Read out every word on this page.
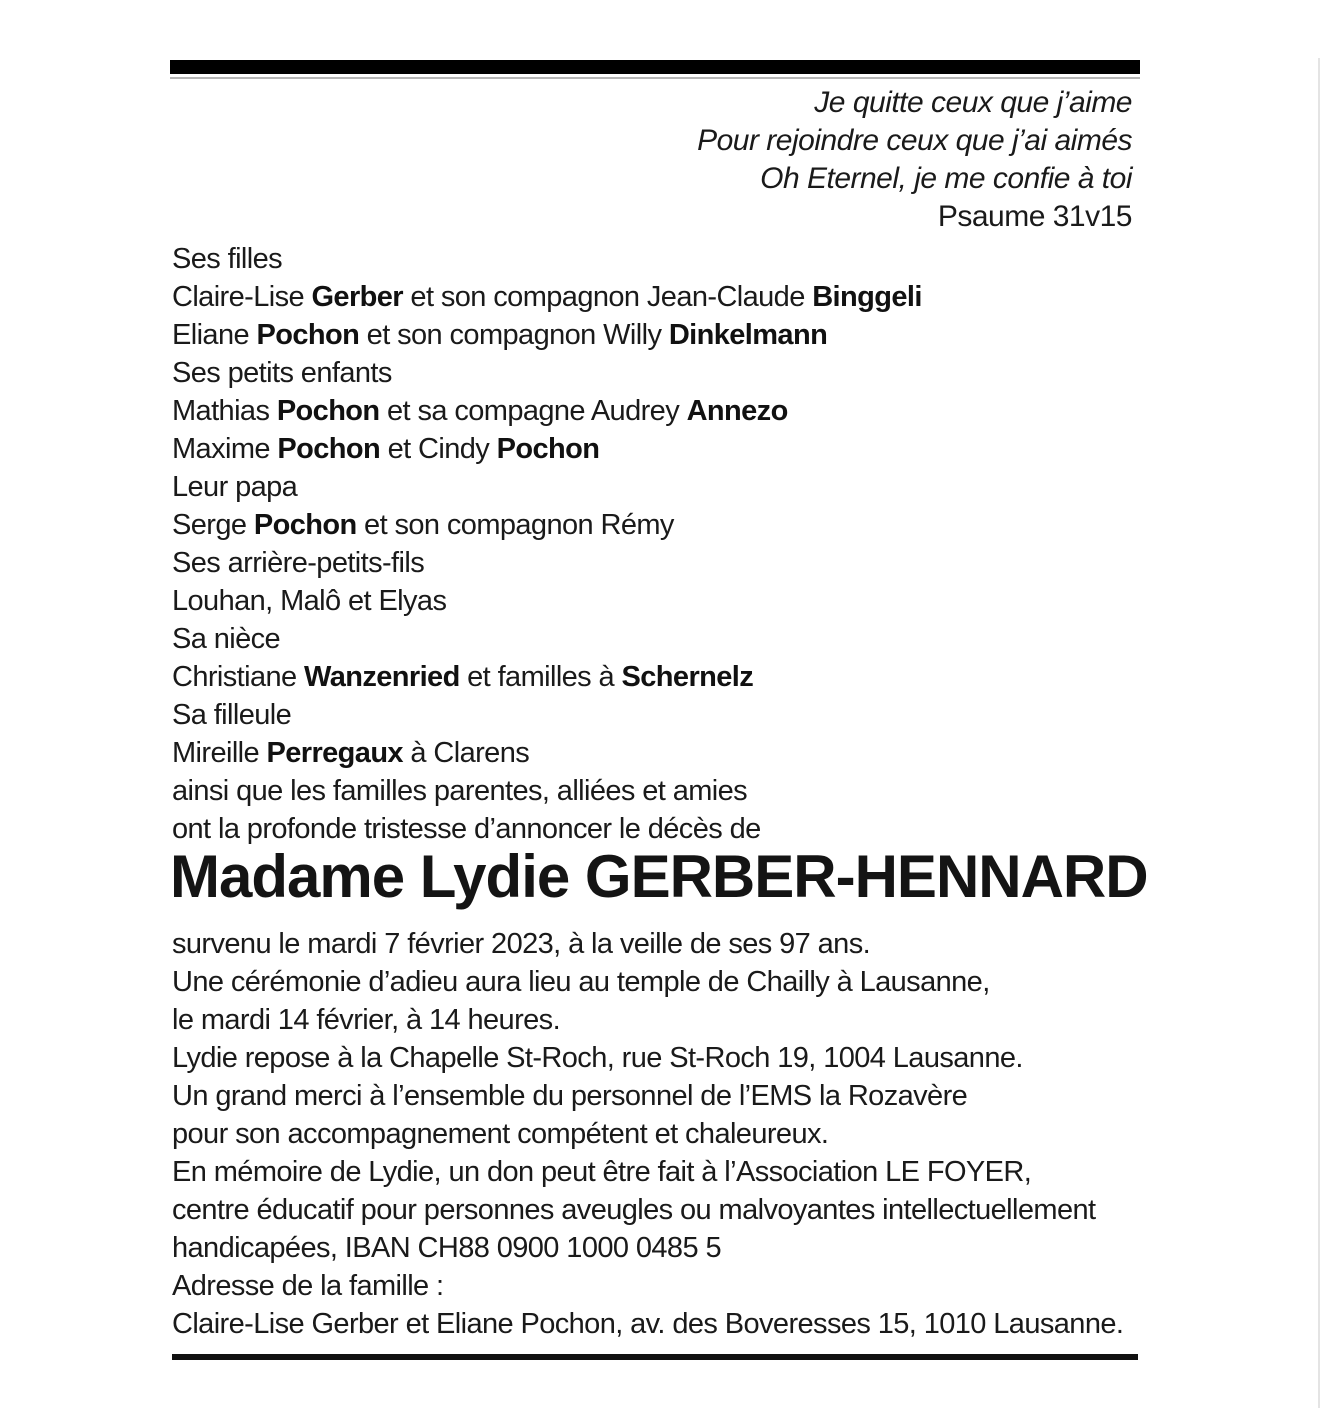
Je quitte ceux que j’aime
Pour rejoindre ceux que j’ai aimés
Oh Eternel, je me confie à toi
Psaume 31v15
Ses filles
Claire-Lise Gerber et son compagnon Jean-Claude Binggeli
Eliane Pochon et son compagnon Willy Dinkelmann
Ses petits enfants
Mathias Pochon et sa compagne Audrey Annezo
Maxime Pochon et Cindy Pochon
Leur papa
Serge Pochon et son compagnon Rémy
Ses arrière-petits-fils
Louhan, Malô et Elyas
Sa nièce
Christiane Wanzenried et familles à Schernelz
Sa filleule
Mireille Perregaux à Clarens
ainsi que les familles parentes, alliées et amies
ont la profonde tristesse d’annoncer le décès de
Madame Lydie GERBER-HENNARD
survenu le mardi 7 février 2023, à la veille de ses 97 ans.
Une cérémonie d’adieu aura lieu au temple de Chailly à Lausanne,
le mardi 14 février, à 14 heures.
Lydie repose à la Chapelle St-Roch, rue St-Roch 19, 1004 Lausanne.
Un grand merci à l’ensemble du personnel de l’EMS la Rozavère
pour son accompagnement compétent et chaleureux.
En mémoire de Lydie, un don peut être fait à l’Association LE FOYER,
centre éducatif pour personnes aveugles ou malvoyantes intellectuellement
handicapées, IBAN CH88 0900 1000 0485 5
Adresse de la famille :
Claire-Lise Gerber et Eliane Pochon, av. des Boveresses 15, 1010 Lausanne.
